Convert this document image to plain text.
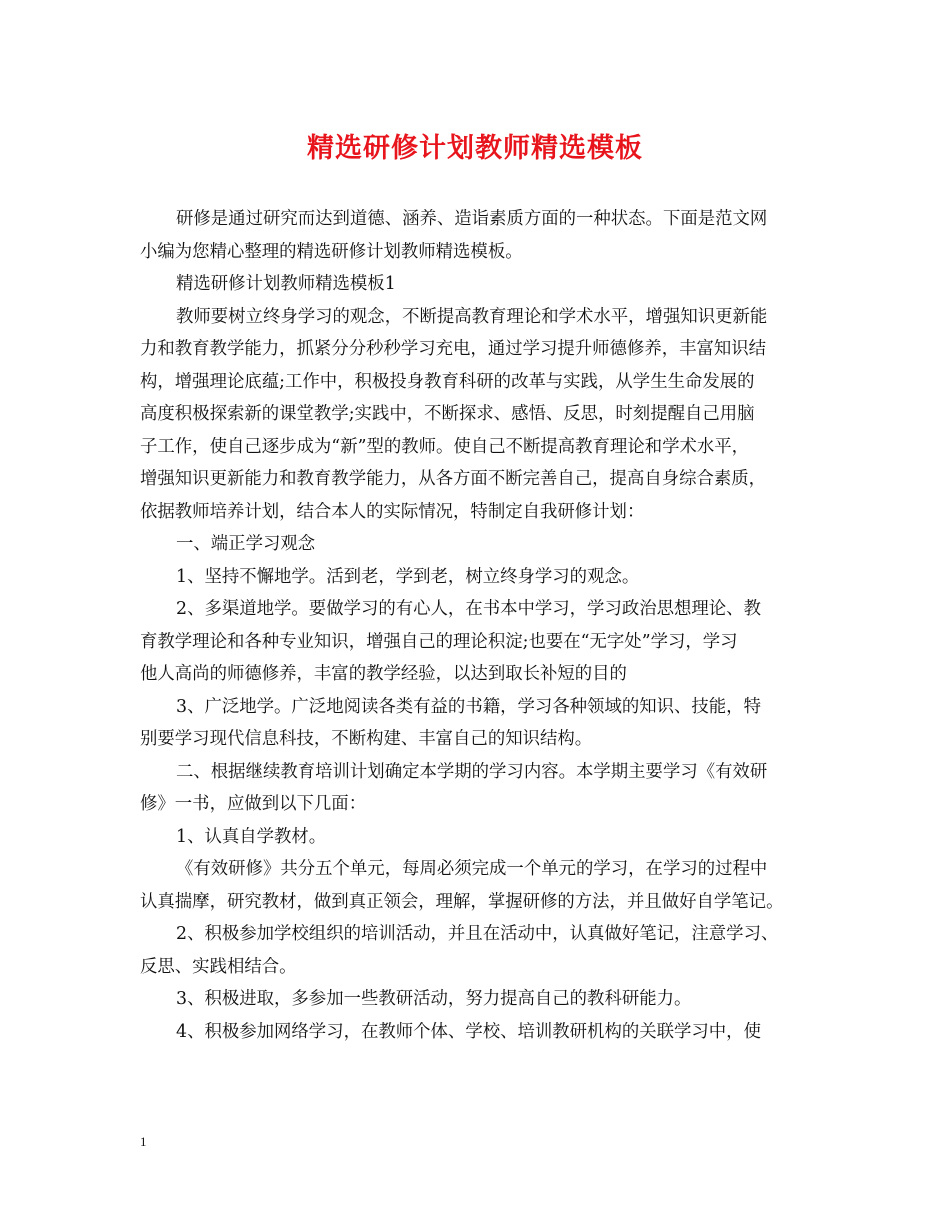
精选研修计划教师精选模板
研修是通过研究而达到道德、涵养、造诣素质方面的一种状态。下面是范文网
小编为您精心整理的精选研修计划教师精选模板。
精选研修计划教师精选模板1
教师要树立终身学习的观念，不断提高教育理论和学术水平，增强知识更新能
力和教育教学能力，抓紧分分秒秒学习充电，通过学习提升师德修养，丰富知识结
构，增强理论底蕴;工作中，积极投身教育科研的改革与实践，从学生生命发展的
高度积极探索新的课堂教学;实践中，不断探求、感悟、反思，时刻提醒自己用脑
子工作，使自己逐步成为“新”型的教师。使自己不断提高教育理论和学术水平，
增强知识更新能力和教育教学能力，从各方面不断完善自己，提高自身综合素质，
依据教师培养计划，结合本人的实际情况，特制定自我研修计划：
一、端正学习观念
1、坚持不懈地学。活到老，学到老，树立终身学习的观念。
2、多渠道地学。要做学习的有心人，在书本中学习，学习政治思想理论、教
育教学理论和各种专业知识，增强自己的理论积淀;也要在“无字处”学习，学习
他人高尚的师德修养，丰富的教学经验，以达到取长补短的目的
3、广泛地学。广泛地阅读各类有益的书籍，学习各种领域的知识、技能，特
别要学习现代信息科技，不断构建、丰富自己的知识结构。
二、根据继续教育培训计划确定本学期的学习内容。本学期主要学习《有效研
修》一书，应做到以下几面：
1、认真自学教材。
《有效研修》共分五个单元，每周必须完成一个单元的学习，在学习的过程中
认真揣摩，研究教材，做到真正领会，理解，掌握研修的方法，并且做好自学笔记。
2、积极参加学校组织的培训活动，并且在活动中，认真做好笔记，注意学习、
反思、实践相结合。
3、积极进取，多参加一些教研活动，努力提高自己的教科研能力。
4、积极参加网络学习，在教师个体、学校、培训教研机构的关联学习中，使
1
